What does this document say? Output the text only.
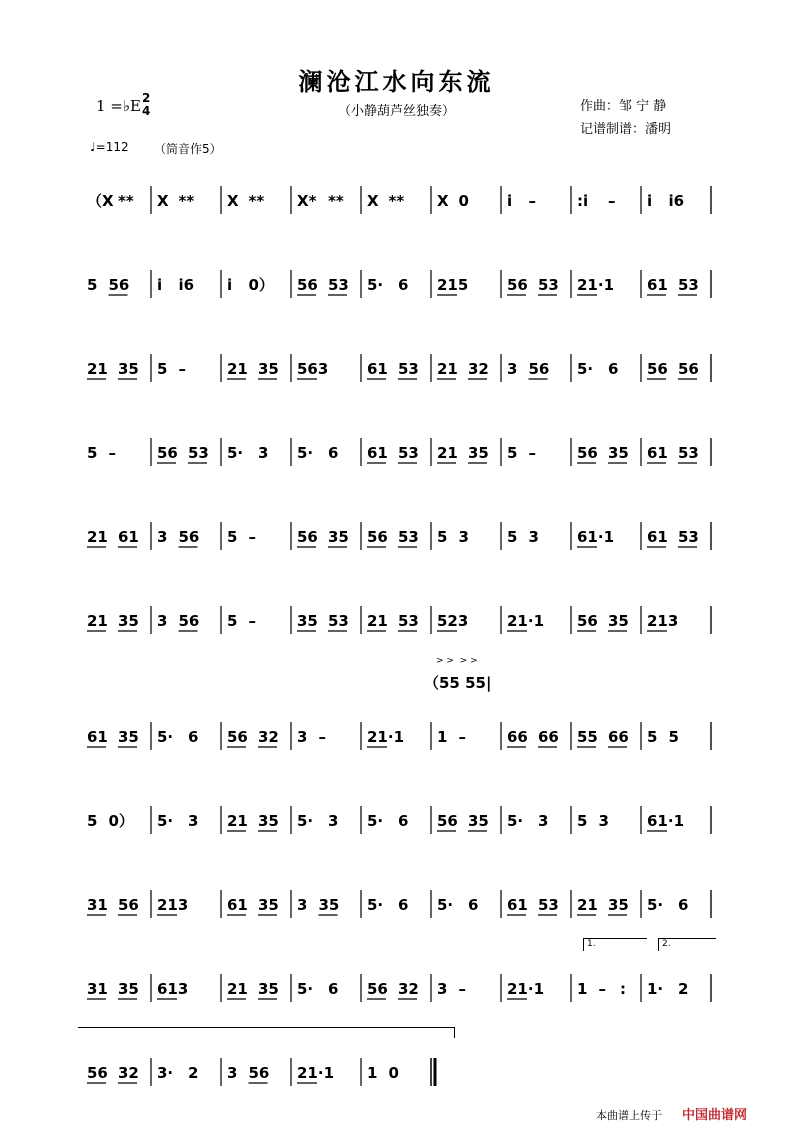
澜沧江水向东流
（小静葫芦丝独奏）
1 =♭E 2
4	作曲：邹 宁 静
记谱制谱：潘明
♩=112 （筒音作5）
（X ** X ** X ** X* ** X ** X 0	i –	:i – i i6
5 56 i i6 i 0） 56 53 5· 6 215	56 53 21·1 61 53
21 35 5 –	21 35 563	61 53 21 32 3 56 5· 6 56 56
5 –	56 53 5· 3 5· 6 61 53 21 35 5 –	56 35 61 53
21 61 3 56 5 –	56 35 56 53 5 3	5 3	61·1 61 53
21 35 3 56 5 –	35 53 21 53 523	21·1 56 35 213
61 35 5· 6 56 32 3 –	21·1 1 –	66 66 55 66 5 5
5 0） 5· 3 21 35 5· 3 5· 6 56 35 5· 3 5 3	61·1
31 56 213	61 35 3 35 5· 6 5· 6 61 53 21 35 5· 6
31 35 613	21 35 5· 6 56 32 3 –	21·1 1 – : 1· 2
56 32 3· 2 3 56 21·1 1 0
（55 55|
> >  > >
1.	2.
本曲谱上传于 中国曲谱网
